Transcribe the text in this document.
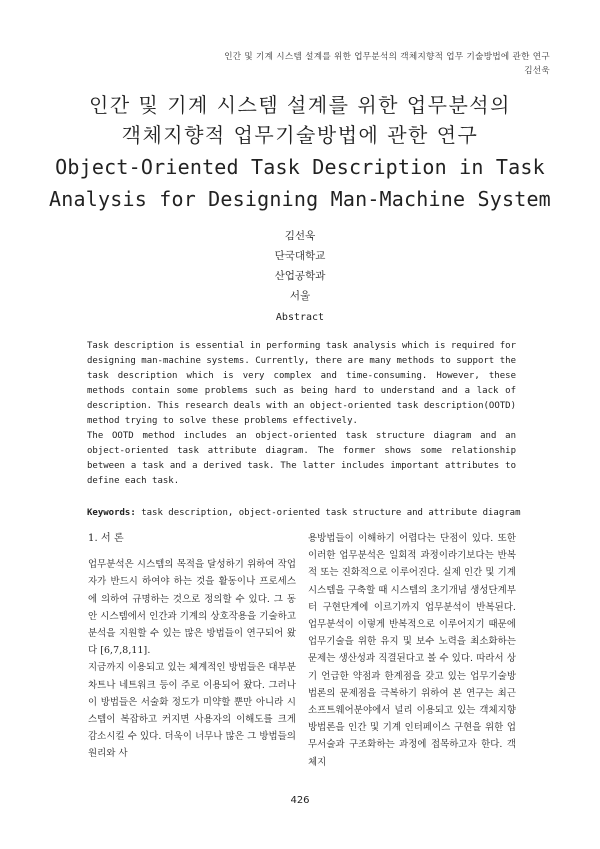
인간 및 기계 시스템 설계를 위한 업무분석의 객체지향적 업무 기술방법에 관한 연구
김선욱
인간 및 기계 시스템 설계를 위한 업무분석의
객체지향적 업무기술방법에 관한 연구
Object-Oriented Task Description in Task
Analysis for Designing Man-Machine System
김선욱
단국대학교
산업공학과
서울
Abstract

Task description is essential in performing task analysis which is required for designing man-machine systems. Currently, there are many methods to support the task description which is very complex and time-consuming. However, these methods contain some problems such as being hard to understand and a lack of description. This research deals with an object-oriented task description(OOTD) method trying to solve these problems effectively.

The OOTD method includes an object-oriented task structure diagram and an object-oriented task attribute diagram. The former shows some relationship between a task and a derived task. The latter includes important attributes to define each task.

Keywords: task description, object-oriented task structure and attribute diagram
1. 서 론

업무분석은 시스템의 목적을 달성하기 위하여 작업자가 반드시 하여야 하는 것을 활동이나 프로세스에 의하여 규명하는 것으로 정의할 수 있다. 그 동안 시스템에서 인간과 기계의 상호작용을 기술하고 분석을 지원할 수 있는 많은 방법들이 연구되어 왔다 [6,7,8,11].

지금까지 이용되고 있는 체계적인 방법들은 대부분 차트나 네트워크 등이 주로 이용되어 왔다. 그러나 이 방법들은 서술화 정도가 미약할 뿐만 아니라 시스템이 복잡하고 커지면 사용자의 이해도를 크게 감소시킬 수 있다. 더욱이 너무나 많은 그 방법들의 원리와 사

용방법들이 이해하기 어렵다는 단점이 있다. 또한 이러한 업무분석은 일회적 과정이라기보다는 반복적 또는 진화적으로 이루어진다. 실제 인간 및 기계시스템을 구축할 때 시스템의 초기개념 생성단계부터 구현단계에 이르기까지 업무분석이 반복된다. 업무분석이 이렇게 반복적으로 이루어지기 때문에 업무기술을 위한 유지 및 보수 노력을 최소화하는 문제는 생산성과 직결된다고 볼 수 있다. 따라서 상기 언급한 약점과 한계점을 갖고 있는 업무기술방법론의 문제점을 극복하기 위하여 본 연구는 최근 소프트웨어분야에서 널리 이용되고 있는 객체지향방법론을 인간 및 기계 인터페이스 구현을 위한 업무서술과 구조화하는 과정에 접목하고자 한다. 객체지

426
